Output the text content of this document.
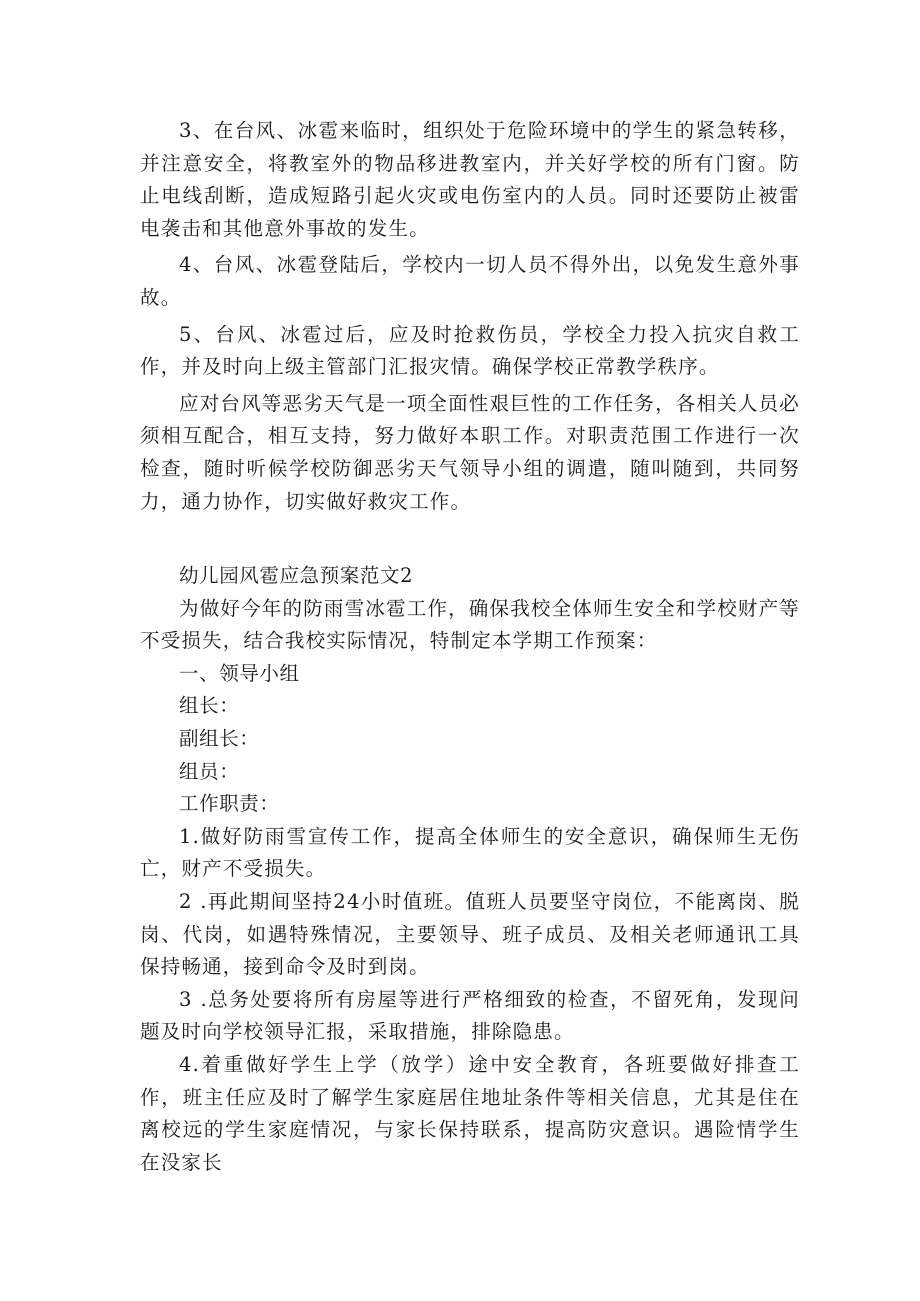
3、在台风、冰雹来临时，组织处于危险环境中的学生的紧急转移，并注意安全，将教室外的物品移进教室内，并关好学校的所有门窗。防止电线刮断，造成短路引起火灾或电伤室内的人员。同时还要防止被雷电袭击和其他意外事故的发生。

4、台风、冰雹登陆后，学校内一切人员不得外出，以免发生意外事故。

5、台风、冰雹过后，应及时抢救伤员，学校全力投入抗灾自救工作，并及时向上级主管部门汇报灾情。确保学校正常教学秩序。

应对台风等恶劣天气是一项全面性艰巨性的工作任务，各相关人员必须相互配合，相互支持，努力做好本职工作。对职责范围工作进行一次检查，随时听候学校防御恶劣天气领导小组的调遣，随叫随到，共同努力，通力协作，切实做好救灾工作。

幼儿园风雹应急预案范文2

为做好今年的防雨雪冰雹工作，确保我校全体师生安全和学校财产等不受损失，结合我校实际情况，特制定本学期工作预案：

一、领导小组

组长：

副组长：

组员：

工作职责：

1.做好防雨雪宣传工作，提高全体师生的安全意识，确保师生无伤亡，财产不受损失。

2 .再此期间坚持24小时值班。值班人员要坚守岗位，不能离岗、脱岗、代岗，如遇特殊情况，主要领导、班子成员、及相关老师通讯工具保持畅通，接到命令及时到岗。

3 .总务处要将所有房屋等进行严格细致的检查，不留死角，发现问题及时向学校领导汇报，采取措施，排除隐患。

4.着重做好学生上学（放学）途中安全教育，各班要做好排查工作，班主任应及时了解学生家庭居住地址条件等相关信息，尤其是住在离校远的学生家庭情况，与家长保持联系，提高防灾意识。遇险情学生在没家长
